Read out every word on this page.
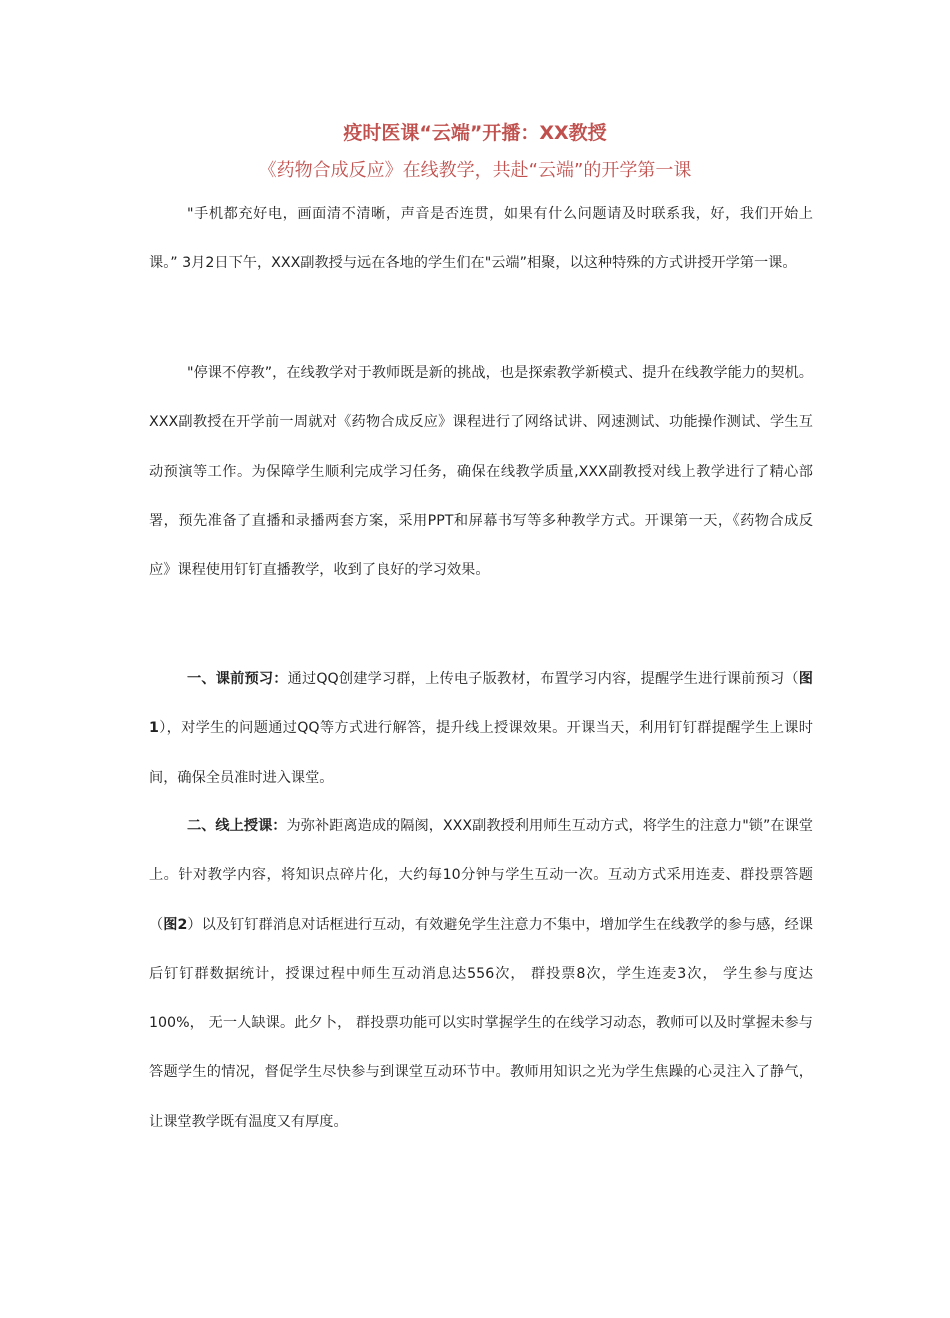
疫时医课“云端”开播：XX教授
《药物合成反应》在线教学，共赴“云端”的开学第一课

"手机都充好电，画面清不清晰，声音是否连贯，如果有什么问题请及时联系我，好，我们开始上课。” 3月2日下午，XXX副教授与远在各地的学生们在"云端”相聚，以这种特殊的方式讲授开学第一课。

"停课不停教”，在线教学对于教师既是新的挑战，也是探索教学新模式、提升在线教学能力的契机。XXX副教授在开学前一周就对《药物合成反应》课程进行了网络试讲、网速测试、功能操作测试、学生互动预演等工作。为保障学生顺利完成学习任务，确保在线教学质量,XXX副教授对线上教学进行了精心部署，预先准备了直播和录播两套方案，采用PPT和屏幕书写等多种教学方式。开课第一天，《药物合成反应》课程使用钉钉直播教学，收到了良好的学习效果。

一、课前预习：通过QQ创建学习群，上传电子版教材，布置学习内容，提醒学生进行课前预习（图1），对学生的问题通过QQ等方式进行解答，提升线上授课效果。开课当天，利用钉钉群提醒学生上课时间，确保全员准时进入课堂。

二、线上授课：为弥补距离造成的隔阂，XXX副教授利用师生互动方式，将学生的注意力"锁”在课堂上。针对教学内容，将知识点碎片化，大约每10分钟与学生互动一次。互动方式采用连麦、群投票答题（图2）以及钉钉群消息对话框进行互动，有效避免学生注意力不集中，增加学生在线教学的参与感，经课后钉钉群数据统计，授课过程中师生互动消息达556次， 群投票8次，学生连麦3次， 学生参与度达100%， 无一人缺课。此夕卜， 群投票功能可以实时掌握学生的在线学习动态，教师可以及时掌握未参与答题学生的情况，督促学生尽快参与到课堂互动环节中。教师用知识之光为学生焦躁的心灵注入了静气，让课堂教学既有温度又有厚度。
